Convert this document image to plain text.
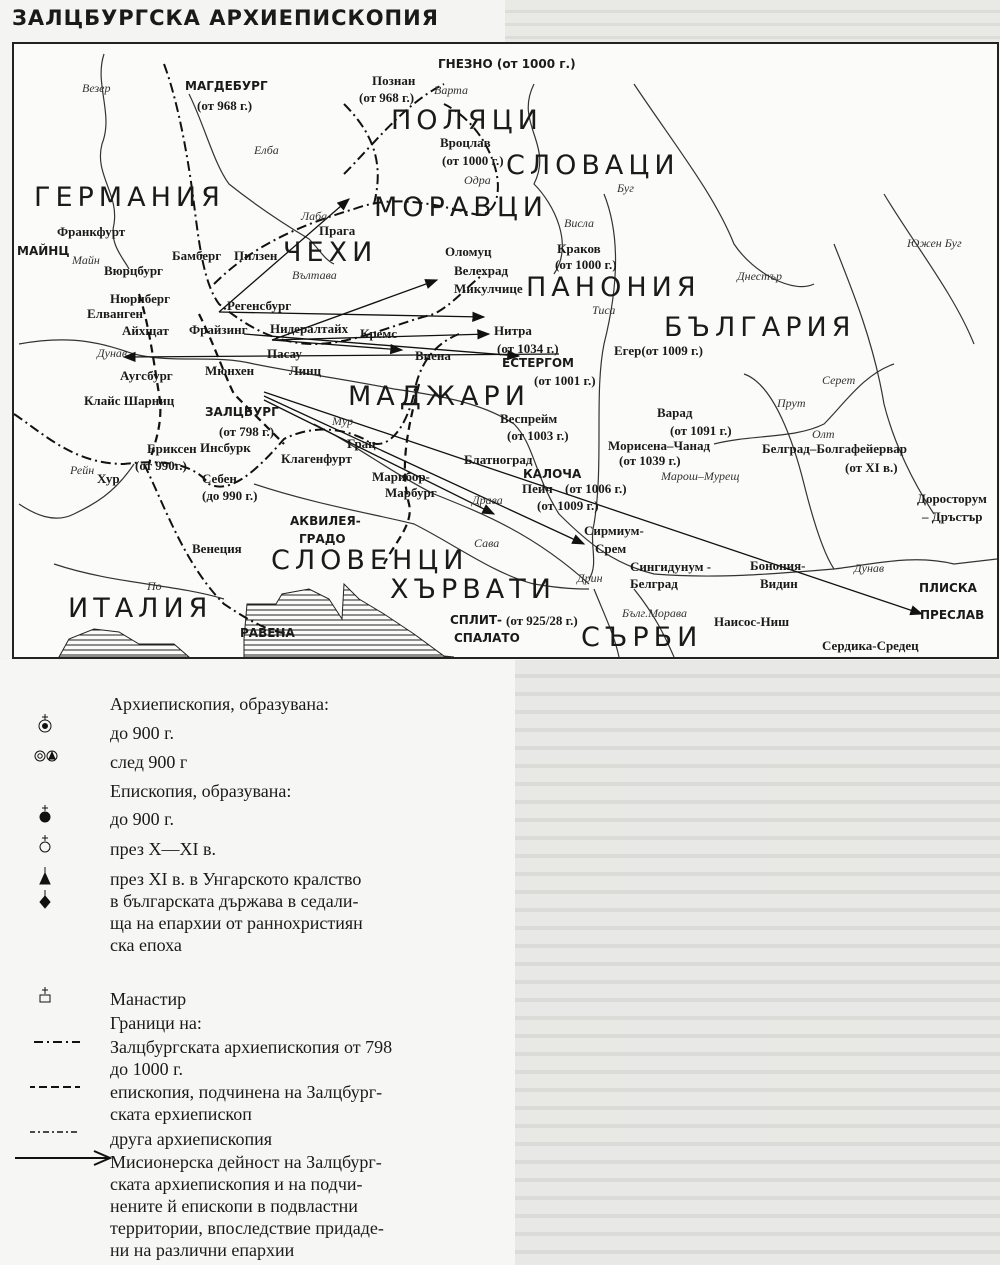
ЗАЛЦБУРГСКА АРХИЕПИСКОПИЯ
МАГДЕБУРГ
(от 968 г.)
Познан
(от 968 г.)
ГНЕЗНО (от 1000 г.)
Вроцлав
(от 1000 г.)
Франкфурт
МАЙНЦ
Вюрцбург
Бамберг Пилзен
Прага
Оломуц
Велехрад
Микулчице
Нюрнберг
Елванген
Регенсбург
Айхщат Фрайзинг Нидералтайх Кремс	Нитра
(от 1034 г.)	Егер(от 1009 г.)
ЕСТЕРГОМ
(от 1001 г.)
Пасау	Виена
Аугсбург Мюнхен	Линц
Клайс Шарниц
ЗАЛЦБУРГ
(от 798 г.)
Варад
(от 1091 г.)
Веспрейм
(от 1003 г.)
Бриксен
(от 990г.)
Инсбурк	Грац	Морисена–Чанад
(от 1039 г.)
Белград–Болгафейервар
(от XI в.)
Блатноград
КАЛОЧА
(от 1006 г.)
Клагенфурт
Хур	Себен
(до 990 г.)
Марибор-
Марбург	Пейч
(от 1009 г.)	Доросторум
– Дръстър
Венеция
АКВИЛЕЯ-
ГРАДО
Сирмиум-
Срем
Сингидунум -
Белград
Бонония-
Видин	ПЛИСКА
ПРЕСЛАВ
Наисос-Ниш
РАВЕНА
СПЛИТ-
СПАЛАТО
(от 925/28 г.)
Сердика-Средец
Краков
(от 1000 г.)
Везер
Елба
Лаба
Вълтава
Майн
Варта
Одра
Висла
Буг
Днестър
Южен Буг
Прут
Серет
Тиса
Дунав
Мур
Рейн
Драва
Сава
По
Олт
Марош–Мурещ
Дрин
Дунав
Бълг.Морава
ГЕРМАНИЯ
ПОЛЯЦИ
ЧЕХИ
МОРАВЦИ
СЛОВАЦИ
БЪЛГАРИЯ
МАДЖАРИ
ПАНОНИЯ
СЛОВЕНЦИ
ХЪРВАТИ
ИТАЛИЯ
СЪРБИ
Архиепископия, образувана:
до 900 г.
след 900 г
Епископия, образувана:
до 900 г.
през X—XI в.
през XI в. в Унгарското кралство
в българската държава в седали-
ща на епархии от раннохристиян
ска епоха
Манастир
Граници на:
Залцбургската архиепископия от 798
до 1000 г.
епископия, подчинена на Залцбург-
ската ерхиепископ
друга архиепископия
Мисионерска дейност на Залцбург-
ската архиепископия и на подчи-
нените й епископи в подвластни
территории, впоследствие придаде-
ни на различни епархии
